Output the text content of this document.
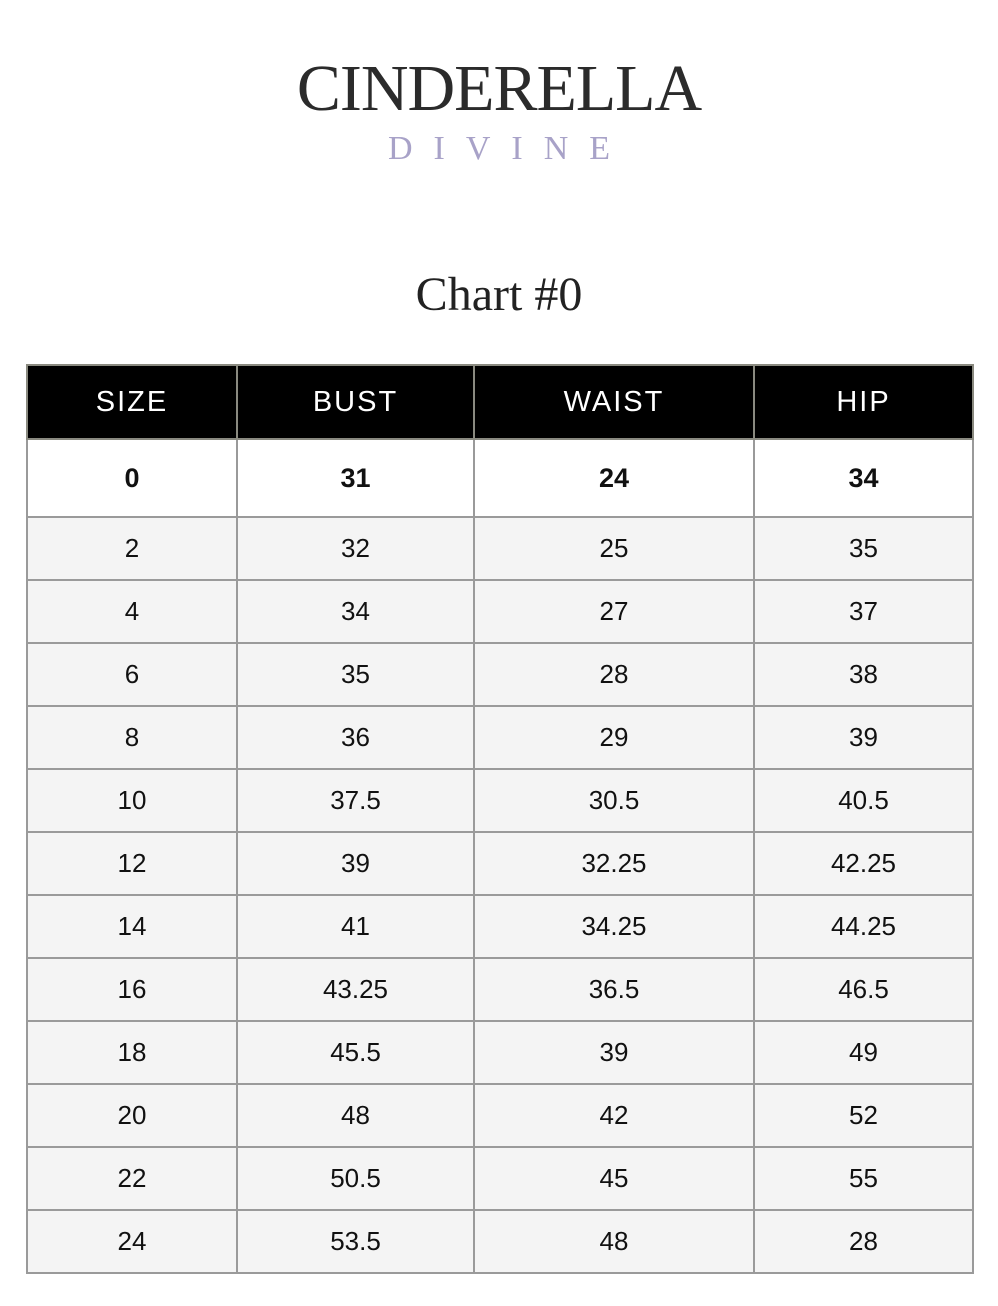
CINDERELLA
DIVINE
Chart #0
SIZE	BUST	WAIST	HIP
0	31	24	34
2	32	25	35
4	34	27	37
6	35	28	38
8	36	29	39
10	37.5	30.5	40.5
12	39	32.25	42.25
14	41	34.25	44.25
16	43.25	36.5	46.5
18	45.5	39	49
20	48	42	52
22	50.5	45	55
24	53.5	48	28
